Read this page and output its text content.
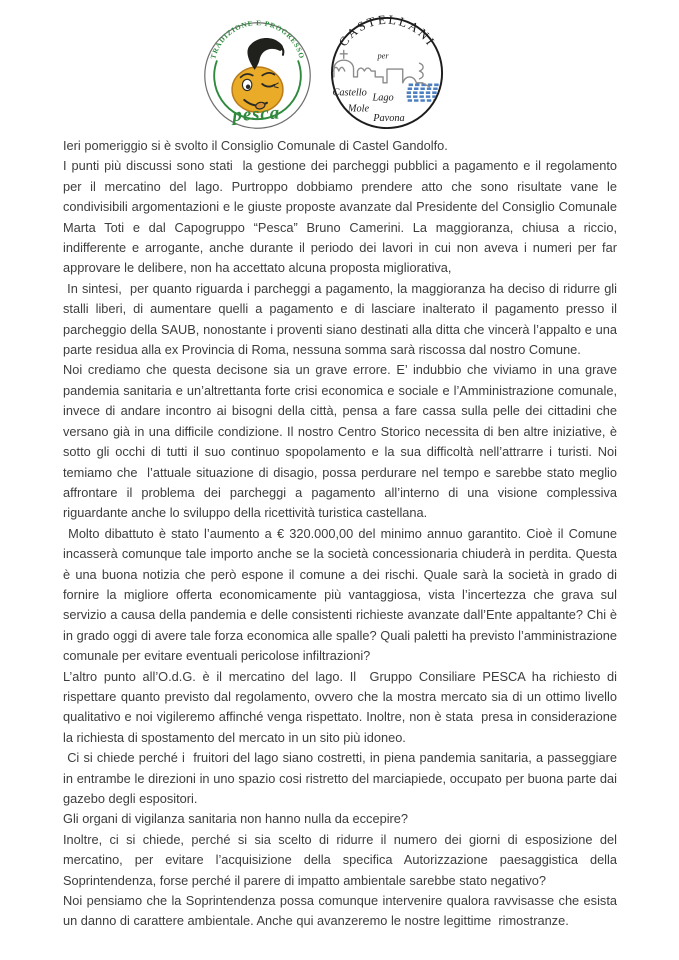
TRADIZIONE E PROGRESSO
pesca
CASTELLANI
per
Castello Lago
Mole
Pavona

Ieri pomeriggio si è svolto il Consiglio Comunale di Castel Gandolfo.

I punti più discussi sono stati  la gestione dei parcheggi pubblici a pagamento e il regolamento per il mercatino del lago. Purtroppo dobbiamo prendere atto che sono risultate vane le condivisibili argomentazioni e le giuste proposte avanzate dal Presidente del Consiglio Comunale Marta Toti e dal Capogruppo “Pesca” Bruno Camerini. La maggioranza, chiusa a riccio, indifferente e arrogante, anche durante il periodo dei lavori in cui non aveva i numeri per far approvare le delibere, non ha accettato alcuna proposta migliorativa,

In sintesi,  per quanto riguarda i parcheggi a pagamento, la maggioranza ha deciso di ridurre gli stalli liberi, di aumentare quelli a pagamento e di lasciare inalterato il pagamento presso il parcheggio della SAUB, nonostante i proventi siano destinati alla ditta che vincerà l’appalto e una parte residua alla ex Provincia di Roma, nessuna somma sarà riscossa dal nostro Comune.

Noi crediamo che questa decisone sia un grave errore. E’ indubbio che viviamo in una grave pandemia sanitaria e un’altrettanta forte crisi economica e sociale e l’Amministrazione comunale, invece di andare incontro ai bisogni della città, pensa a fare cassa sulla pelle dei cittadini che versano già in una difficile condizione. Il nostro Centro Storico necessita di ben altre iniziative, è sotto gli occhi di tutti il suo continuo spopolamento e la sua difficoltà nell’attrarre i turisti. Noi temiamo che  l’attuale situazione di disagio, possa perdurare nel tempo e sarebbe stato meglio affrontare il problema dei parcheggi a pagamento all’interno di una visione complessiva riguardante anche lo sviluppo della ricettività turistica castellana.

Molto dibattuto è stato l’aumento a € 320.000,00 del minimo annuo garantito. Cioè il Comune incasserà comunque tale importo anche se la società concessionaria chiuderà in perdita. Questa è una buona notizia che però espone il comune a dei rischi. Quale sarà la società in grado di fornire la migliore offerta economicamente più vantaggiosa, vista l’incertezza che grava sul servizio a causa della pandemia e delle consistenti richieste avanzate dall’Ente appaltante? Chi è in grado oggi di avere tale forza economica alle spalle? Quali paletti ha previsto l’amministrazione comunale per evitare eventuali pericolose infiltrazioni?

L’altro punto all’O.d.G. è il mercatino del lago. Il  Gruppo Consiliare PESCA ha richiesto di rispettare quanto previsto dal regolamento, ovvero che la mostra mercato sia di un ottimo livello qualitativo e noi vigileremo affinché venga rispettato. Inoltre, non è stata  presa in considerazione la richiesta di spostamento del mercato in un sito più idoneo.

Ci si chiede perché i  fruitori del lago siano costretti, in piena pandemia sanitaria, a passeggiare in entrambe le direzioni in uno spazio cosi ristretto del marciapiede, occupato per buona parte dai gazebo degli espositori.

Gli organi di vigilanza sanitaria non hanno nulla da eccepire?

Inoltre, ci si chiede, perché si sia scelto di ridurre il numero dei giorni di esposizione del mercatino, per evitare l’acquisizione della specifica Autorizzazione paesaggistica della Soprintendenza, forse perché il parere di impatto ambientale sarebbe stato negativo?

Noi pensiamo che la Soprintendenza possa comunque intervenire qualora ravvisasse che esista un danno di carattere ambientale. Anche qui avanzeremo le nostre legittime  rimostranze.
